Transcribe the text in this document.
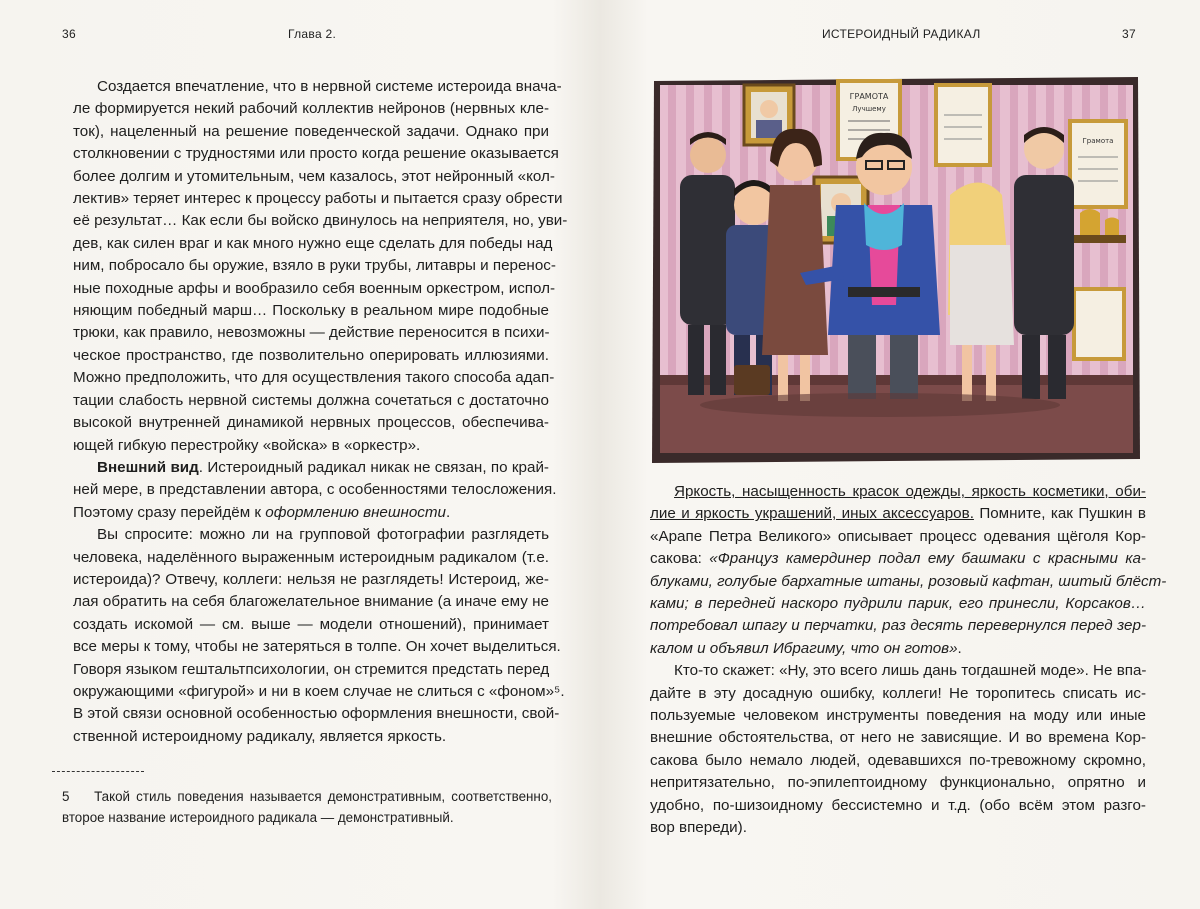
36	Глава 2.

Создается впечатление, что в нервной системе истероида внача-
ле формируется некий рабочий коллектив нейронов (нервных кле-
ток), нацеленный на решение поведенческой задачи. Однако при
столкновении с трудностями или просто когда решение оказывается
более долгим и утомительным, чем казалось, этот нейронный «кол-
лектив» теряет интерес к процессу работы и пытается сразу обрести
её результат… Как если бы войско двинулось на неприятеля, но, уви-
дев, как силен враг и как много нужно еще сделать для победы над
ним, побросало бы оружие, взяло в руки трубы, литавры и перенос-
ные походные арфы и вообразило себя военным оркестром, испол-
няющим победный марш… Поскольку в реальном мире подобные
трюки, как правило, невозможны — действие переносится в психи-
ческое пространство, где позволительно оперировать иллюзиями.
Можно предположить, что для осуществления такого способа адап-
тации слабость нервной системы должна сочетаться с достаточно
высокой внутренней динамикой нервных процессов, обеспечива-
ющей гибкую перестройку «войска» в «оркестр».

Внешний вид. Истероидный радикал никак не связан, по край-
ней мере, в представлении автора, с особенностями телосложения.
Поэтому сразу перейдём к оформлению внешности.

Вы спросите: можно ли на групповой фотографии разглядеть
человека, наделённого выраженным истероидным радикалом (т.е.
истероида)? Отвечу, коллеги: нельзя не разглядеть! Истероид, же-
лая обратить на себя благожелательное внимание (а иначе ему не
создать искомой — см. выше — модели отношений), принимает
все меры к тому, чтобы не затеряться в толпе. Он хочет выделиться.
Говоря языком гештальтпсихологии, он стремится предстать перед
окружающими «фигурой» и ни в коем случае не слиться с «фоном»⁵.
В этой связи основной особенностью оформления внешности, свой-
ственной истероидному радикалу, является яркость.

5 Такой стиль поведения называется демонстративным, соответственно,
второе название истероидного радикала — демонстративный.
ИСТЕРОИДНЫЙ РАДИКАЛ	37
ГРАМОТА
Лучшему
Грамота

Яркость, насыщенность красок одежды, яркость косметики, оби-
лие и яркость украшений, иных аксессуаров. Помните, как Пушкин в
«Арапе Петра Великого» описывает процесс одевания щёголя Кор-
сакова: «Француз камердинер подал ему башмаки с красными ка-
блуками, голубые бархатные штаны, розовый кафтан, шитый блёст-
ками; в передней наскоро пудрили парик, его принесли, Корсаков…
потребовал шпагу и перчатки, раз десять перевернулся перед зер-
калом и объявил Ибрагиму, что он готов».

Кто-то скажет: «Ну, это всего лишь дань тогдашней моде». Не впа-
дайте в эту досадную ошибку, коллеги! Не торопитесь списать ис-
пользуемые человеком инструменты поведения на моду или иные
внешние обстоятельства, от него не зависящие. И во времена Кор-
сакова было немало людей, одевавшихся по-тревожному скромно,
непритязательно, по-эпилептоидному функционально, опрятно и
удобно, по-шизоидному бессистемно и т.д. (обо всём этом разго-
вор впереди).
